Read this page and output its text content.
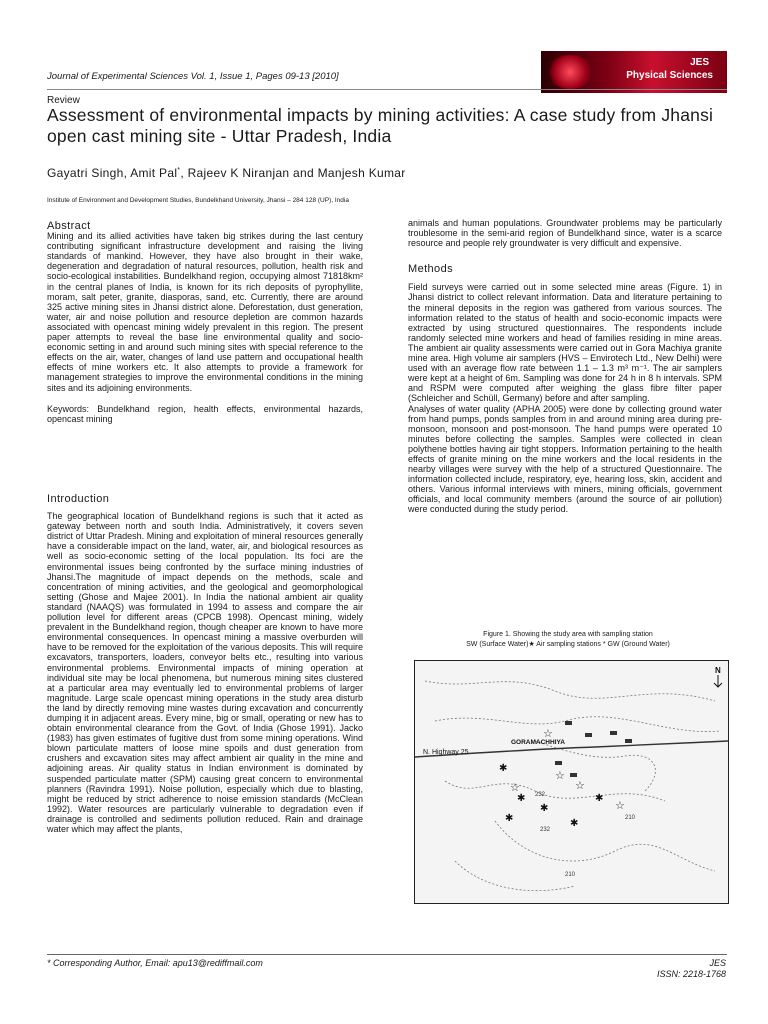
Journal of Experimental Sciences Vol. 1, Issue 1, Pages 09-13 [2010]
JES
Physical Sciences
Review
Assessment of environmental impacts by mining activities: A case study from Jhansi open cast mining site - Uttar Pradesh, India
Gayatri Singh, Amit Pal*, Rajeev K Niranjan and Manjesh Kumar
Institute of Environment and Development Studies, Bundelkhand University, Jhansi – 284 128 (UP), India
Abstract

Mining and its allied activities have taken big strikes during the last century contributing significant infrastructure development and raising the living standards of mankind. However, they have also brought in their wake, degeneration and degradation of natural resources, pollution, health risk and socio-ecological instabilities. Bundelkhand region, occupying almost 71818km² in the central planes of India, is known for its rich deposits of pyrophyllite, moram, salt peter, granite, diasporas, sand, etc. Currently, there are around 325 active mining sites in Jhansi district alone. Deforestation, dust generation, water, air and noise pollution and resource depletion are common hazards associated with opencast mining widely prevalent in this region. The present paper attempts to reveal the base line environmental quality and socio-economic setting in and around such mining sites with special reference to the effects on the air, water, changes of land use pattern and occupational health effects of mine workers etc. It also attempts to provide a framework for management strategies to improve the environmental conditions in the mining sites and its adjoining environments.

Keywords: Bundelkhand region, health effects, environmental hazards, opencast mining

Introduction

The geographical location of Bundelkhand regions is such that it acted as gateway between north and south India. Administratively, it covers seven district of Uttar Pradesh. Mining and exploitation of mineral resources generally have a considerable impact on the land, water, air, and biological resources as well as socio-economic setting of the local population. Its foci are the environmental issues being confronted by the surface mining industries of Jhansi.The magnitude of impact depends on the methods, scale and concentration of mining activities, and the geological and geomorphological setting (Ghose and Majee 2001). In India the national ambient air quality standard (NAAQS) was formulated in 1994 to assess and compare the air pollution level for different areas (CPCB 1998). Opencast mining, widely prevalent in the Bundelkhand region, though cheaper are known to have more environmental consequences. In opencast mining a massive overburden will have to be removed for the exploitation of the various deposits. This will require excavators, transporters, loaders, conveyor belts etc., resulting into various environmental problems. Environmental impacts of mining operation at individual site may be local phenomena, but numerous mining sites clustered at a particular area may eventually led to environmental problems of larger magnitude. Large scale opencast mining operations in the study area disturb the land by directly removing mine wastes during excavation and concurrently dumping it in adjacent areas. Every mine, big or small, operating or new has to obtain environmental clearance from the Govt. of India (Ghose 1991). Jacko (1983) has given estimates of fugitive dust from some mining operations. Wind blown particulate matters of loose mine spoils and dust generation from crushers and excavation sites may affect ambient air quality in the mine and adjoining areas. Air quality status in Indian environment is dominated by suspended particulate matter (SPM) causing great concern to environmental planners (Ravindra 1991). Noise pollution, especially which due to blasting, might be reduced by strict adherence to noise emission standards (McClean 1992). Water resources are particularly vulnerable to degradation even if drainage is controlled and sediments pollution reduced. Rain and drainage water which may affect the plants,

animals and human populations. Groundwater problems may be particularly troublesome in the semi-arid region of Bundelkhand since, water is a scarce resource and people rely groundwater is very difficult and expensive.

Methods

Field surveys were carried out in some selected mine areas (Figure. 1) in Jhansi district to collect relevant information. Data and literature pertaining to the mineral deposits in the region was gathered from various sources. The information related to the status of health and socio-economic impacts were extracted by using structured questionnaires. The respondents include randomly selected mine workers and head of families residing in mine areas. The ambient air quality assessments were carried out in Gora Machiya granite mine area. High volume air samplers (HVS – Envirotech Ltd., New Delhi) were used with an average flow rate between 1.1 – 1.3 m³ m⁻¹. The air samplers were kept at a height of 6m. Sampling was done for 24 h in 8 h intervals. SPM and RSPM were computed after weighing the glass fibre filter paper (Schleicher and Schüll, Germany) before and after sampling.

Analyses of water quality (APHA 2005) were done by collecting ground water from hand pumps, ponds samples from in and around mining area during pre-monsoon, monsoon and post-monsoon. The hand pumps were operated 10 minutes before collecting the samples. Samples were collected in clean polythene bottles having air tight stoppers. Information pertaining to the health effects of granite mining on the mine workers and the local residents in the nearby villages were survey with the help of a structured Questionnaire. The information collected include, respiratory, eye, hearing loss, skin, accident and others. Various informal interviews with miners, mining officials, government officials, and local community members (around the source of air pollution) were conducted during the study period.

Figure 1. Showing the study area with sampling station
SW (Surface Water)★ Air sampling stations * GW (Ground Water)
N. Highway 25
GORAMACHHIYA
N
☆
☆
☆
☆
☆
✱
✱
✱
✱
✱
✱
232
232
210
210
* Corresponding Author, Email: apu13@rediffmail.com	JES
ISSN: 2218-1768
